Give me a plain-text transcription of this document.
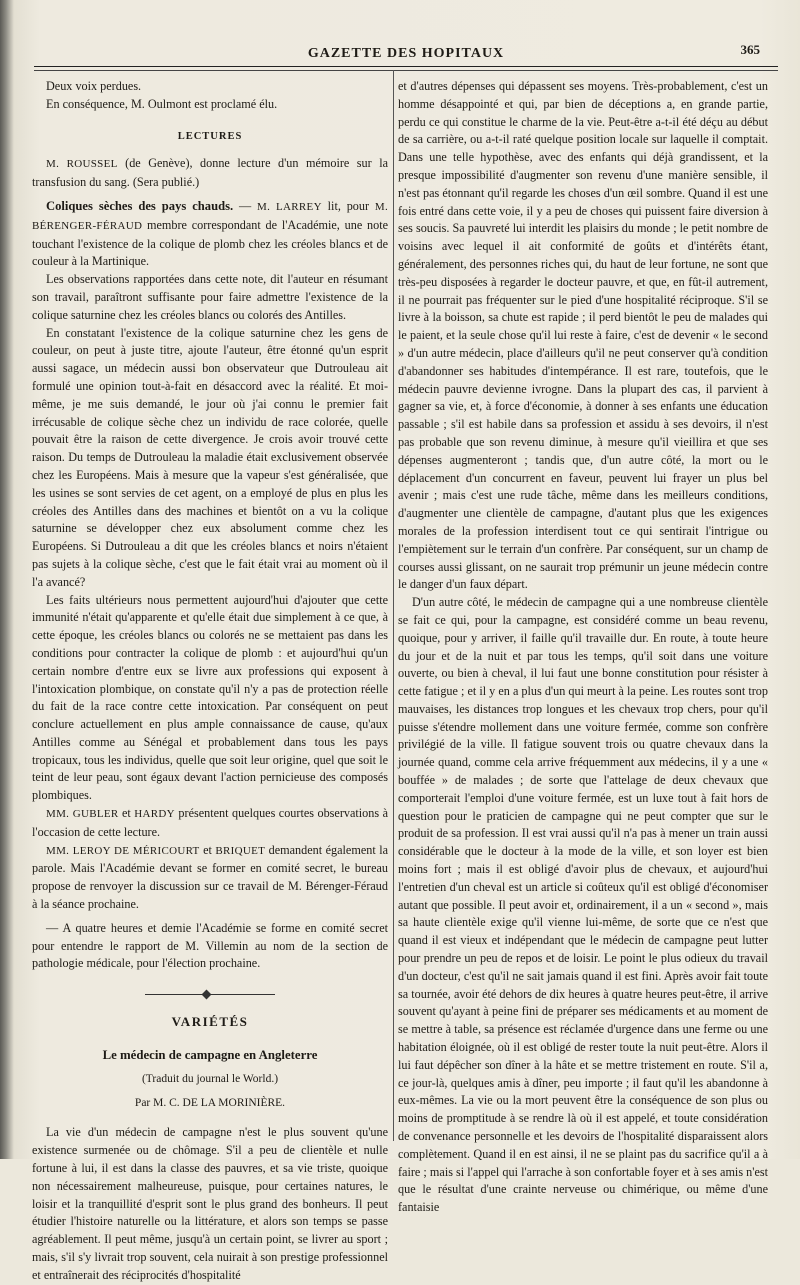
GAZETTE DES HOPITAUX	365

Deux voix perdues.

En conséquence, M. Oulmont est proclamé élu.

LECTURES

M. ROUSSEL (de Genève), donne lecture d'un mémoire sur la transfusion du sang. (Sera publié.)

Coliques sèches des pays chauds. — M. LARREY lit, pour M. BÉRENGER-FÉRAUD membre correspondant de l'Académie, une note touchant l'existence de la colique de plomb chez les créoles blancs et de couleur à la Martinique.

Les observations rapportées dans cette note, dit l'auteur en résumant son travail, paraîtront suffisante pour faire admettre l'existence de la colique saturnine chez les créoles blancs ou colorés des Antilles.

En constatant l'existence de la colique saturnine chez les gens de couleur, on peut à juste titre, ajoute l'auteur, être étonné qu'un esprit aussi sagace, un médecin aussi bon observateur que Dutrouleau ait formulé une opinion tout-à-fait en désaccord avec la réalité. Et moi-même, je me suis demandé, le jour où j'ai connu le premier fait irrécusable de colique sèche chez un individu de race colorée, quelle pouvait être la raison de cette divergence. Je crois avoir trouvé cette raison. Du temps de Dutrouleau la maladie était exclusivement observée chez les Européens. Mais à mesure que la vapeur s'est généralisée, que les usines se sont servies de cet agent, on a employé de plus en plus les créoles des Antilles dans des machines et bientôt on a vu la colique saturnine se développer chez eux absolument comme chez les Européens. Si Dutrouleau a dit que les créoles blancs et noirs n'étaient pas sujets à la colique sèche, c'est que le fait était vrai au moment où il l'a avancé?

Les faits ultérieurs nous permettent aujourd'hui d'ajouter que cette immunité n'était qu'apparente et qu'elle était due simplement à ce que, à cette époque, les créoles blancs ou colorés ne se mettaient pas dans les conditions pour contracter la colique de plomb : et aujourd'hui qu'un certain nombre d'entre eux se livre aux professions qui exposent à l'intoxication plombique, on constate qu'il n'y a pas de protection réelle du fait de la race contre cette intoxication. Par conséquent on peut conclure actuellement en plus ample connaissance de cause, qu'aux Antilles comme au Sénégal et probablement dans tous les pays tropicaux, tous les individus, quelle que soit leur origine, quel que soit le teint de leur peau, sont égaux devant l'action pernicieuse des composés plombiques.

MM. GUBLER et HARDY présentent quelques courtes observations à l'occasion de cette lecture.

MM. LEROY DE MÉRICOURT et BRIQUET demandent également la parole. Mais l'Académie devant se former en comité secret, le bureau propose de renvoyer la discussion sur ce travail de M. Bérenger-Féraud à la séance prochaine.

— A quatre heures et demie l'Académie se forme en comité secret pour entendre le rapport de M. Villemin au nom de la section de pathologie médicale, pour l'élection prochaine.

VARIÉTÉS
Le médecin de campagne en Angleterre
(Traduit du journal le World.)
Par M. C. DE LA MORINIÈRE.

La vie d'un médecin de campagne n'est le plus souvent qu'une existence surmenée ou de chômage. S'il a peu de clientèle et nulle fortune à lui, il est dans la classe des pauvres, et sa vie triste, quoique non nécessairement malheureuse, puisque, pour certaines natures, le loisir et la tranquillité d'esprit sont le plus grand des bonheurs. Il peut étudier l'histoire naturelle ou la littérature, et alors son temps se passe agréablement. Il peut même, jusqu'à un certain point, se livrer au sport ; mais, s'il s'y livrait trop souvent, cela nuirait à son prestige professionnel et entraînerait des réciprocités d'hospitalité

et d'autres dépenses qui dépassent ses moyens. Très-probablement, c'est un homme désappointé et qui, par bien de déceptions a, en grande partie, perdu ce qui constitue le charme de la vie. Peut-être a-t-il été déçu au début de sa carrière, ou a-t-il raté quelque position locale sur laquelle il comptait. Dans une telle hypothèse, avec des enfants qui déjà grandissent, et la presque impossibilité d'augmenter son revenu d'une manière sensible, il n'est pas étonnant qu'il regarde les choses d'un œil sombre. Quand il est une fois entré dans cette voie, il y a peu de choses qui puissent faire diversion à ses soucis. Sa pauvreté lui interdit les plaisirs du monde ; le petit nombre de voisins avec lequel il ait conformité de goûts et d'intérêts étant, généralement, des personnes riches qui, du haut de leur fortune, ne sont que très-peu disposées à regarder le docteur pauvre, et que, en fût-il autrement, il ne pourrait pas fréquenter sur le pied d'une hospitalité réciproque. S'il se livre à la boisson, sa chute est rapide ; il perd bientôt le peu de malades qui le paient, et la seule chose qu'il lui reste à faire, c'est de devenir « le second » d'un autre médecin, place d'ailleurs qu'il ne peut conserver qu'à condition d'abandonner ses habitudes d'intempérance. Il est rare, toutefois, que le médecin pauvre devienne ivrogne. Dans la plupart des cas, il parvient à gagner sa vie, et, à force d'économie, à donner à ses enfants une éducation passable ; s'il est habile dans sa profession et assidu à ses devoirs, il n'est pas probable que son revenu diminue, à mesure qu'il vieillira et que ses dépenses augmenteront ; tandis que, d'un autre côté, la mort ou le déplacement d'un concurrent en faveur, peuvent lui frayer un plus bel avenir ; mais c'est une rude tâche, même dans les meilleurs conditions, d'augmenter une clientèle de campagne, d'autant plus que les exigences morales de la profession interdisent tout ce qui sentirait l'intrigue ou l'empiètement sur le terrain d'un confrère. Par conséquent, sur un champ de courses aussi glissant, on ne saurait trop prémunir un jeune médecin contre le danger d'un faux départ.

D'un autre côté, le médecin de campagne qui a une nombreuse clientèle se fait ce qui, pour la campagne, est considéré comme un beau revenu, quoique, pour y arriver, il faille qu'il travaille dur. En route, à toute heure du jour et de la nuit et par tous les temps, qu'il soit dans une voiture ouverte, ou bien à cheval, il lui faut une bonne constitution pour résister à cette fatigue ; et il y en a plus d'un qui meurt à la peine. Les routes sont trop mauvaises, les distances trop longues et les chevaux trop chers, pour qu'il puisse s'étendre mollement dans une voiture fermée, comme son confrère privilégié de la ville. Il fatigue souvent trois ou quatre chevaux dans la journée quand, comme cela arrive fréquemment aux médecins, il y a une « bouffée » de malades ; de sorte que l'attelage de deux chevaux que comporterait l'emploi d'une voiture fermée, est un luxe tout à fait hors de question pour le praticien de campagne qui ne peut compter que sur le produit de sa profession. Il est vrai aussi qu'il n'a pas à mener un train aussi considérable que le docteur à la mode de la ville, et son loyer est bien moins fort ; mais il est obligé d'avoir plus de chevaux, et aujourd'hui l'entretien d'un cheval est un article si coûteux qu'il est obligé d'économiser autant que possible. Il peut avoir et, ordinairement, il a un « second », mais sa haute clientèle exige qu'il vienne lui-même, de sorte que ce n'est que quand il est vieux et indépendant que le médecin de campagne peut lutter pour prendre un peu de repos et de loisir. Le point le plus odieux du travail d'un docteur, c'est qu'il ne sait jamais quand il est fini. Après avoir fait toute sa tournée, avoir été dehors de dix heures à quatre heures peut-être, il arrive souvent qu'ayant à peine fini de préparer ses médicaments et au moment de se mettre à table, sa présence est réclamée d'urgence dans une ferme ou une habitation éloignée, où il est obligé de rester toute la nuit peut-être. Alors il lui faut dépêcher son dîner à la hâte et se mettre tristement en route. S'il a, ce jour-là, quelques amis à dîner, peu importe ; il faut qu'il les abandonne à eux-mêmes. La vie ou la mort peuvent être la conséquence de son plus ou moins de promptitude à se rendre là où il est appelé, et toute considération de convenance personnelle et les devoirs de l'hospitalité disparaissent alors complètement. Quand il en est ainsi, il ne se plaint pas du sacrifice qu'il a à faire ; mais si l'appel qui l'arrache à son confortable foyer et à ses amis n'est que le résultat d'une crainte nerveuse ou chimérique, ou même d'une fantaisie
